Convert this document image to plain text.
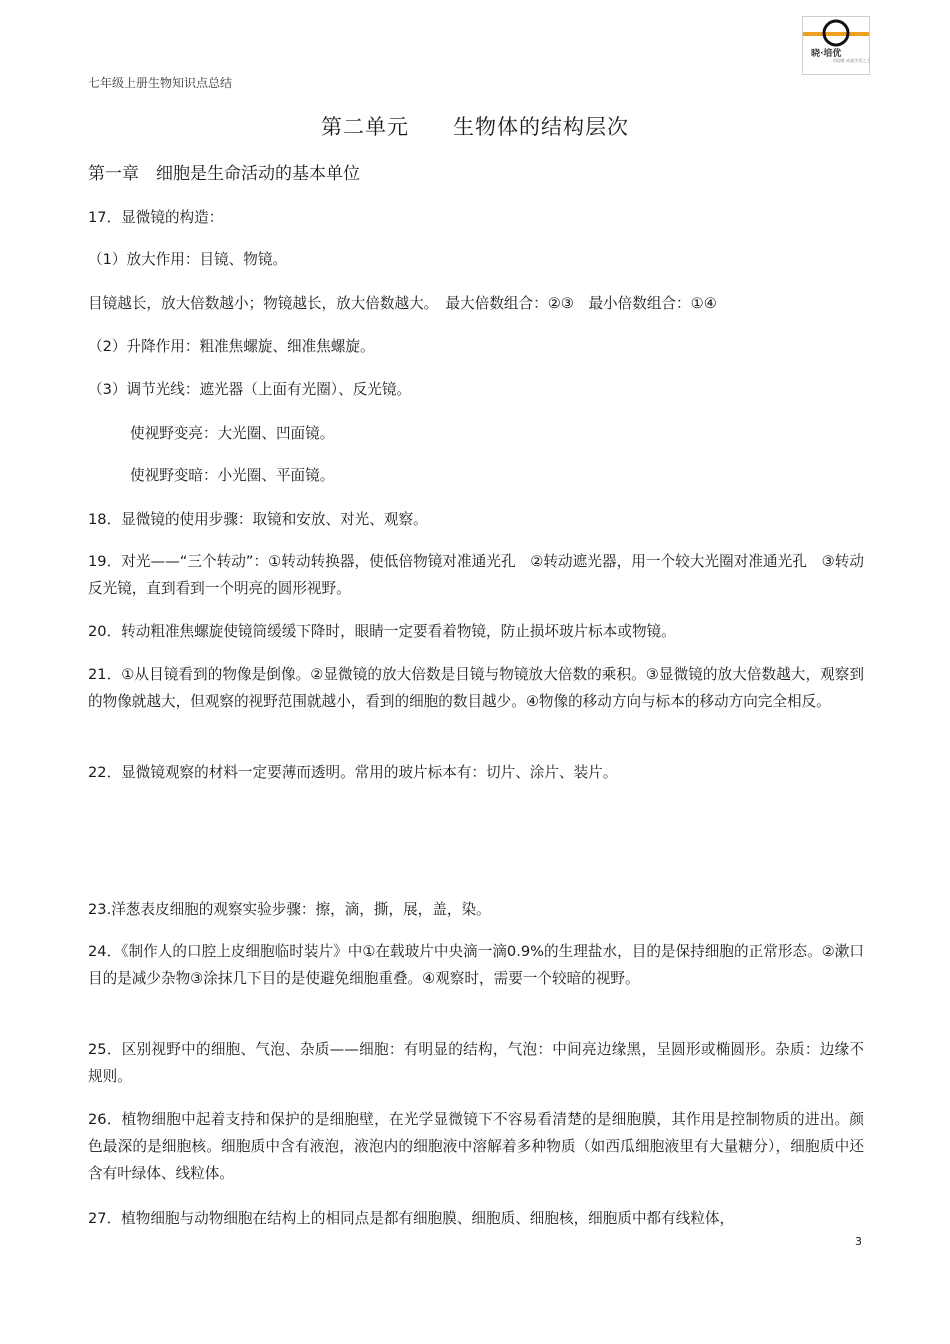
七年级上册生物知识点总结
晓·培优
用思维 成就学者之上
第二单元　　生物体的结构层次
第一章　细胞是生命活动的基本单位
17．显微镜的构造：
（1）放大作用：目镜、物镜。
目镜越长，放大倍数越小；物镜越长，放大倍数越大。　最大倍数组合：②③　最小倍数组合：①④
（2）升降作用：粗准焦螺旋、细准焦螺旋。
（3）调节光线：遮光器（上面有光圈）、反光镜。
使视野变亮：大光圈、凹面镜。
使视野变暗：小光圈、平面镜。
18．显微镜的使用步骤：取镜和安放、对光、观察。
19．对光——“三个转动”：①转动转换器，使低倍物镜对准通光孔　②转动遮光器，用一个较大光圈对准通光孔　③转动反光镜，直到看到一个明亮的圆形视野。
20．转动粗准焦螺旋使镜筒缓缓下降时，眼睛一定要看着物镜，防止损坏玻片标本或物镜。
21．①从目镜看到的物像是倒像。②显微镜的放大倍数是目镜与物镜放大倍数的乘积。③显微镜的放大倍数越大，观察到的物像就越大，但观察的视野范围就越小，看到的细胞的数目越少。④物像的移动方向与标本的移动方向完全相反。
22．显微镜观察的材料一定要薄而透明。常用的玻片标本有：切片、涂片、装片。
23.洋葱表皮细胞的观察实验步骤：擦，滴，撕，展，盖，染。
24．《制作人的口腔上皮细胞临时装片》中①在载玻片中央滴一滴0.9%的生理盐水，目的是保持细胞的正常形态。②漱口目的是减少杂物③涂抹几下目的是使避免细胞重叠。④观察时，需要一个较暗的视野。
25．区别视野中的细胞、气泡、杂质——细胞：有明显的结构，气泡：中间亮边缘黑，呈圆形或椭圆形。杂质：边缘不规则。
26．植物细胞中起着支持和保护的是细胞壁，在光学显微镜下不容易看清楚的是细胞膜，其作用是控制物质的进出。颜色最深的是细胞核。细胞质中含有液泡，液泡内的细胞液中溶解着多种物质（如西瓜细胞液里有大量糖分），细胞质中还含有叶绿体、线粒体。
27．植物细胞与动物细胞在结构上的相同点是都有细胞膜、细胞质、细胞核，细胞质中都有线粒体，
3
